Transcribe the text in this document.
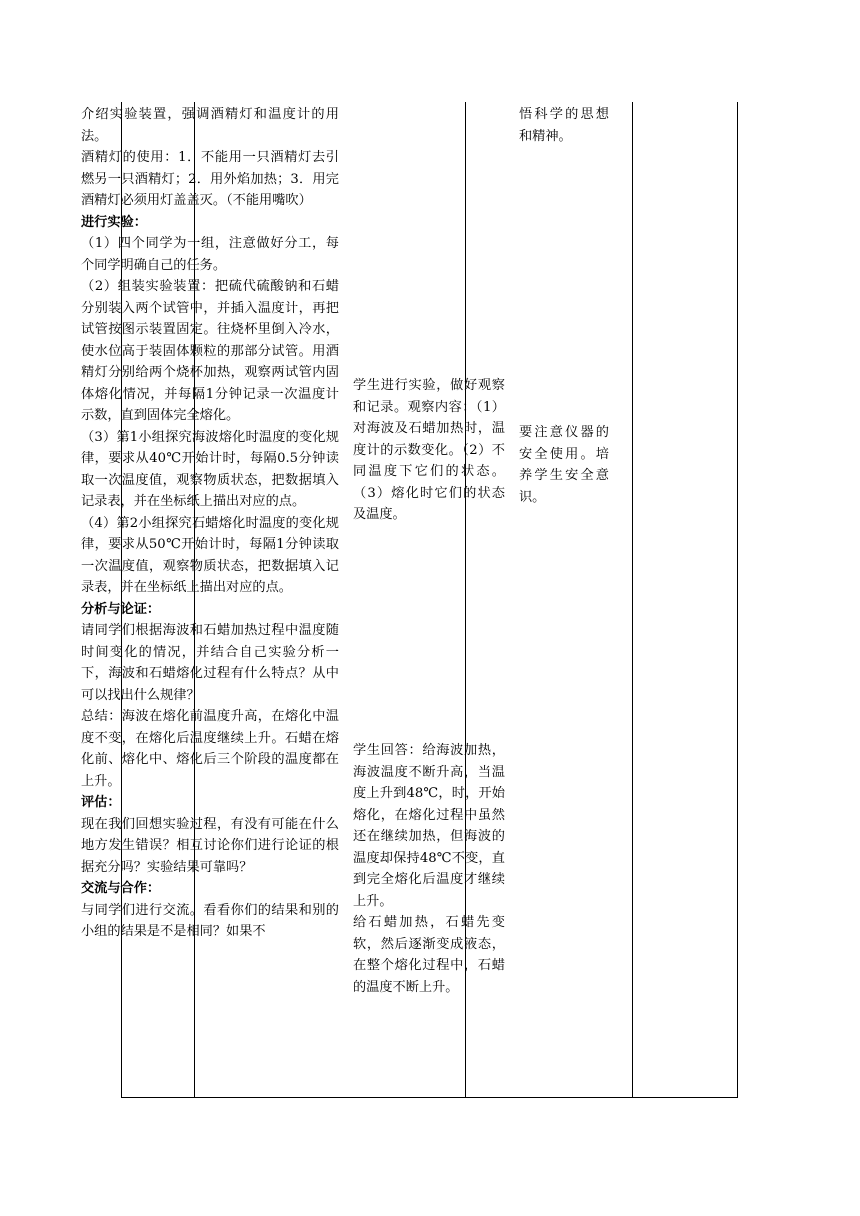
介绍实验装置，强调酒精灯和温度计的用法。

酒精灯的使用：1．不能用一只酒精灯去引燃另一只酒精灯；2．用外焰加热；3．用完酒精灯必须用灯盖盖灭。（不能用嘴吹）

进行实验：

（1）四个同学为一组，注意做好分工，每个同学明确自己的任务。

（2）组装实验装置：把硫代硫酸钠和石蜡分别装入两个试管中，并插入温度计，再把试管按图示装置固定。往烧杯里倒入冷水，使水位高于装固体颗粒的那部分试管。用酒精灯分别给两个烧杯加热，观察两试管内固体熔化情况，并每隔1分钟记录一次温度计示数，直到固体完全熔化。

（3）第1小组探究海波熔化时温度的变化规律，要求从40℃开始计时，每隔0.5分钟读取一次温度值，观察物质状态，把数据填入记录表，并在坐标纸上描出对应的点。

（4）第2小组探究石蜡熔化时温度的变化规律，要求从50℃开始计时，每隔1分钟读取一次温度值，观察物质状态，把数据填入记录表，并在坐标纸上描出对应的点。

分析与论证：

请同学们根据海波和石蜡加热过程中温度随时间变化的情况，并结合自己实验分析一下，海波和石蜡熔化过程有什么特点？从中可以找出什么规律？

总结：海波在熔化前温度升高，在熔化中温度不变，在熔化后温度继续上升。石蜡在熔化前、熔化中、熔化后三个阶段的温度都在上升。

评估：

现在我们回想实验过程，有没有可能在什么地方发生错误？相互讨论你们进行论证的根据充分吗？实验结果可靠吗？

交流与合作：

与同学们进行交流。看看你们的结果和别的小组的结果是不是相同？如果不

学生进行实验，做好观察和记录。观察内容：（1）对海波及石蜡加热时，温度计的示数变化。（2）不同温度下它们的状态。（3）熔化时它们的状态及温度。

学生回答：给海波加热，海波温度不断升高，当温度上升到48℃，时，开始熔化，在熔化过程中虽然还在继续加热，但海波的温度却保持48℃不变，直到完全熔化后温度才继续上升。

给石蜡加热，石蜡先变软，然后逐渐变成液态，在整个熔化过程中，石蜡的温度不断上升。

悟科学的思想和精神。

要注意仪器的安全使用。培养学生安全意识。
